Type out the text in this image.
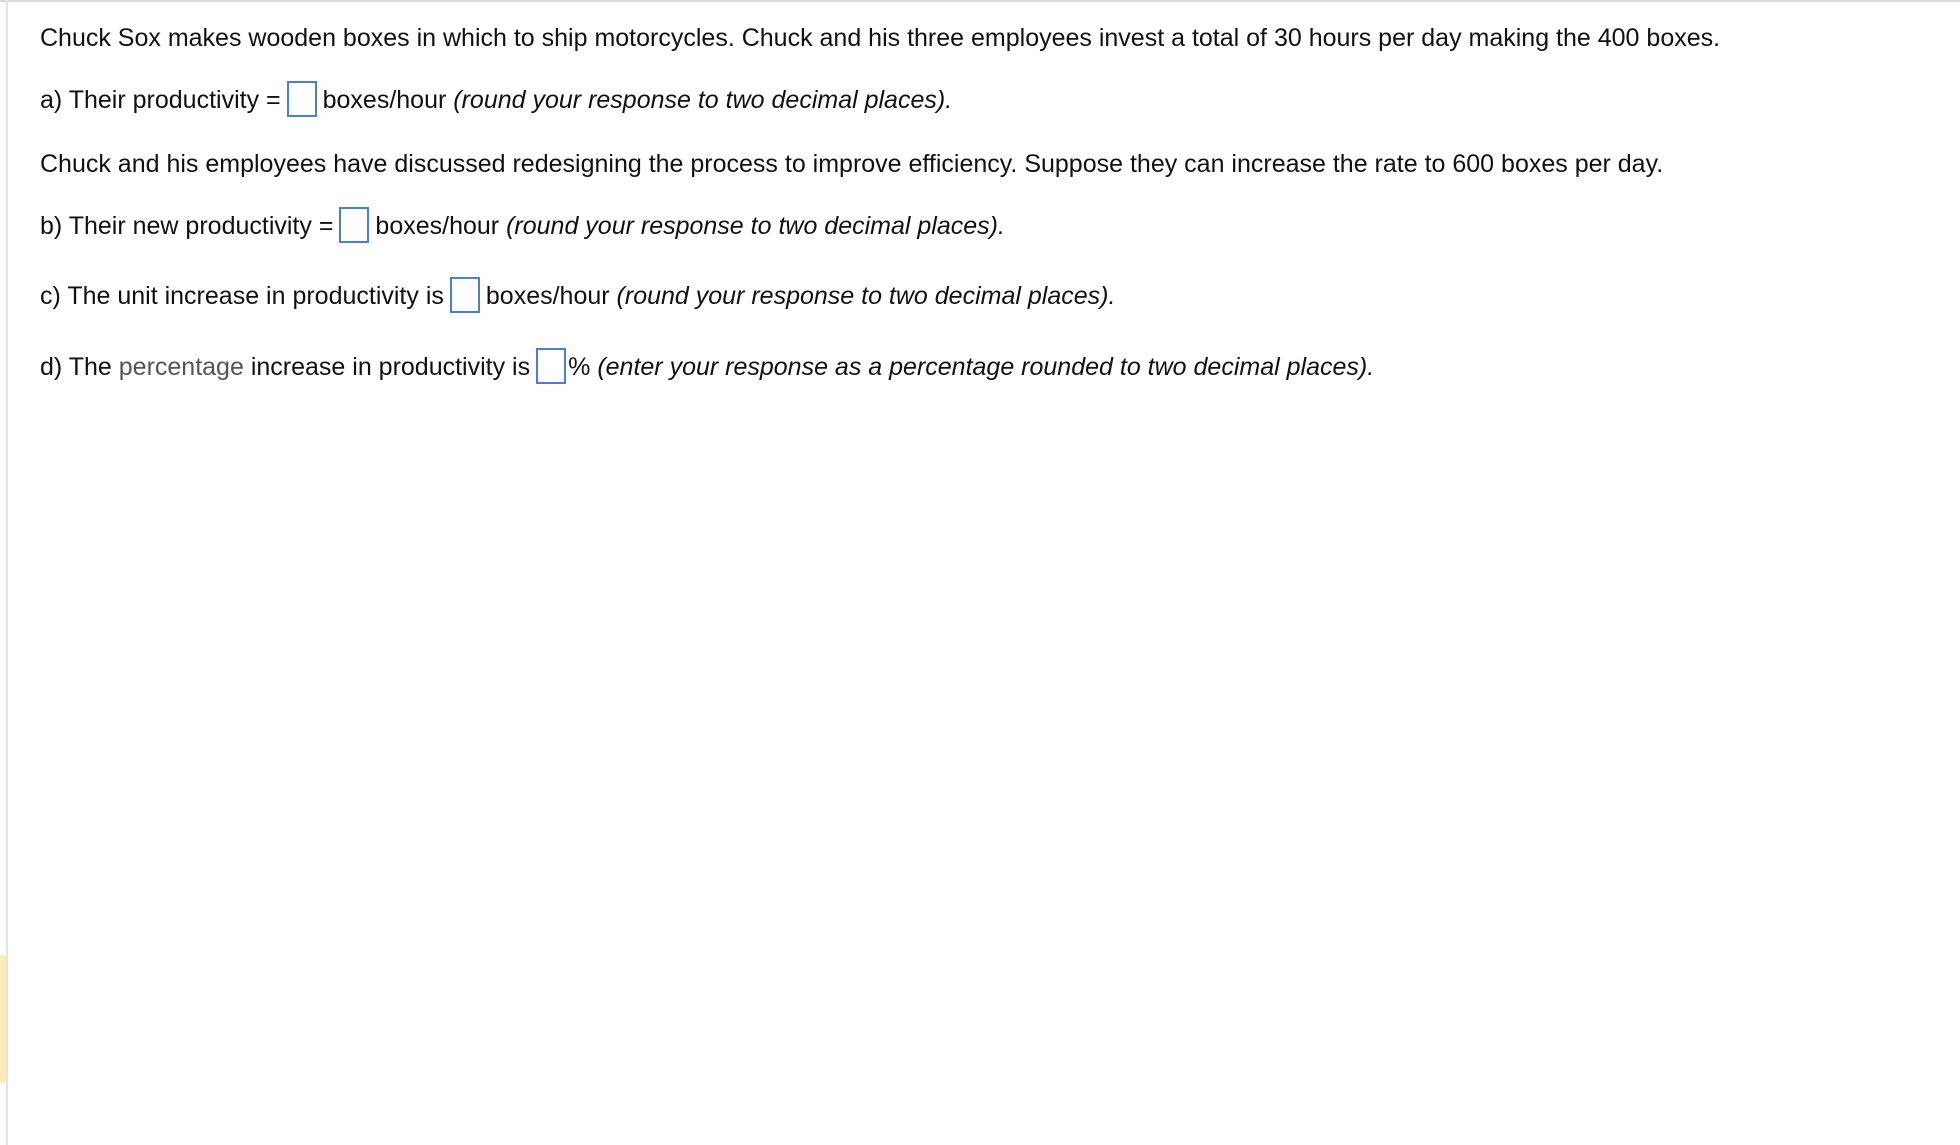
Chuck Sox makes wooden boxes in which to ship motorcycles. Chuck and his three employees invest a total of 30 hours per day making the 400 boxes.
a) Their productivity = boxes/hour (round your response to two decimal places).
Chuck and his employees have discussed redesigning the process to improve efficiency. Suppose they can increase the rate to 600 boxes per day.
b) Their new productivity = boxes/hour (round your response to two decimal places).
c) The unit increase in productivity is boxes/hour (round your response to two decimal places).
d) The percentage increase in productivity is % (enter your response as a percentage rounded to two decimal places).
